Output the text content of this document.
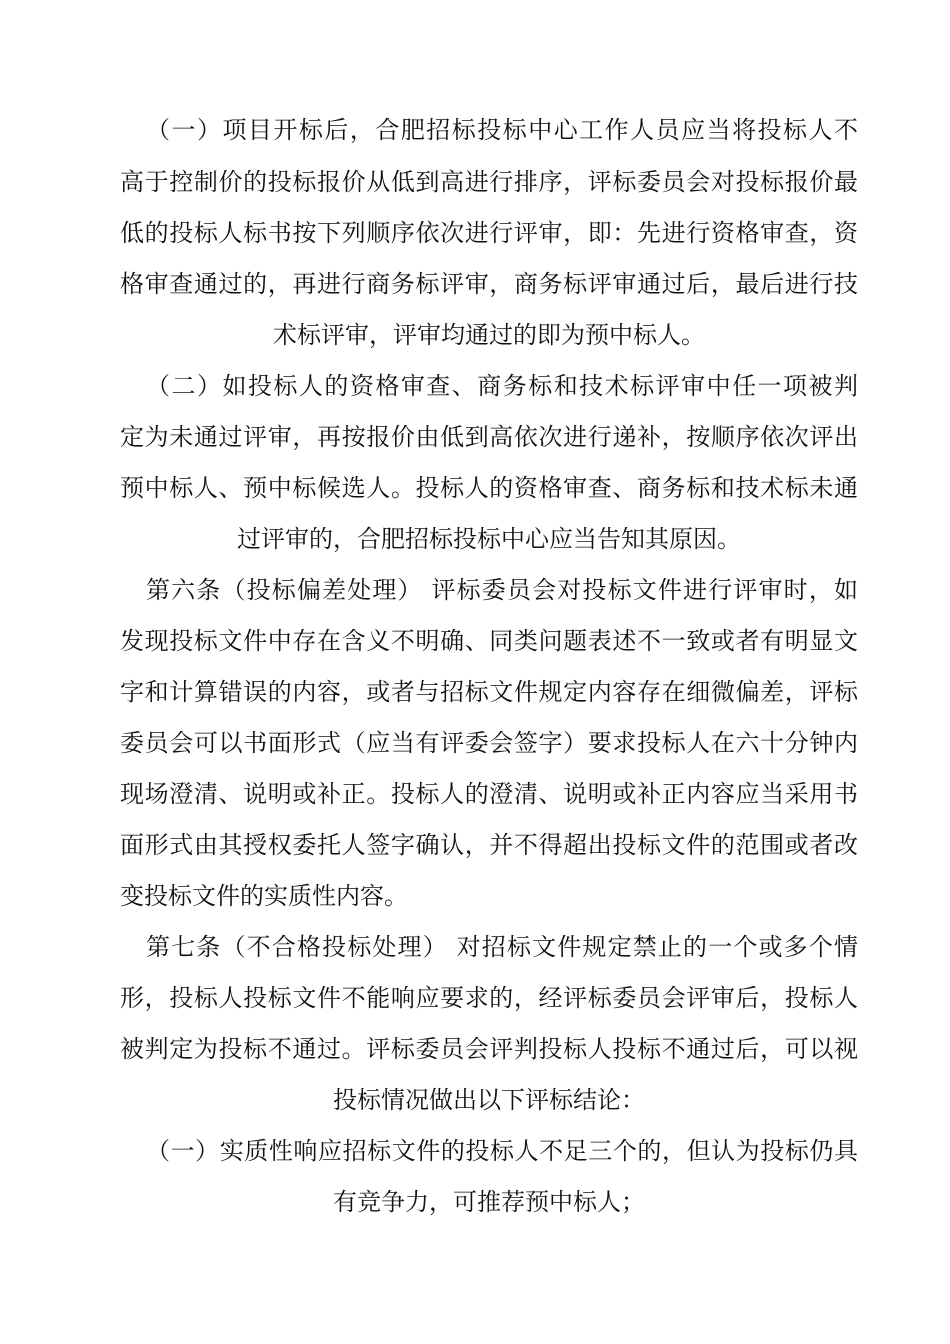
（一）项目开标后，合肥招标投标中心工作人员应当将投标人不
高于控制价的投标报价从低到高进行排序，评标委员会对投标报价最
低的投标人标书按下列顺序依次进行评审，即：先进行资格审查，资
格审查通过的，再进行商务标评审，商务标评审通过后，最后进行技
术标评审，评审均通过的即为预中标人。
（二）如投标人的资格审查、商务标和技术标评审中任一项被判
定为未通过评审，再按报价由低到高依次进行递补，按顺序依次评出
预中标人、预中标候选人。投标人的资格审查、商务标和技术标未通
过评审的，合肥招标投标中心应当告知其原因。
第六条（投标偏差处理） 评标委员会对投标文件进行评审时，如
发现投标文件中存在含义不明确、同类问题表述不一致或者有明显文
字和计算错误的内容，或者与招标文件规定内容存在细微偏差，评标
委员会可以书面形式（应当有评委会签字）要求投标人在六十分钟内
现场澄清、说明或补正。投标人的澄清、说明或补正内容应当采用书
面形式由其授权委托人签字确认，并不得超出投标文件的范围或者改
变投标文件的实质性内容。
第七条（不合格投标处理） 对招标文件规定禁止的一个或多个情
形，投标人投标文件不能响应要求的，经评标委员会评审后，投标人
被判定为投标不通过。评标委员会评判投标人投标不通过后，可以视
投标情况做出以下评标结论：
（一）实质性响应招标文件的投标人不足三个的，但认为投标仍具
有竞争力，可推荐预中标人；
